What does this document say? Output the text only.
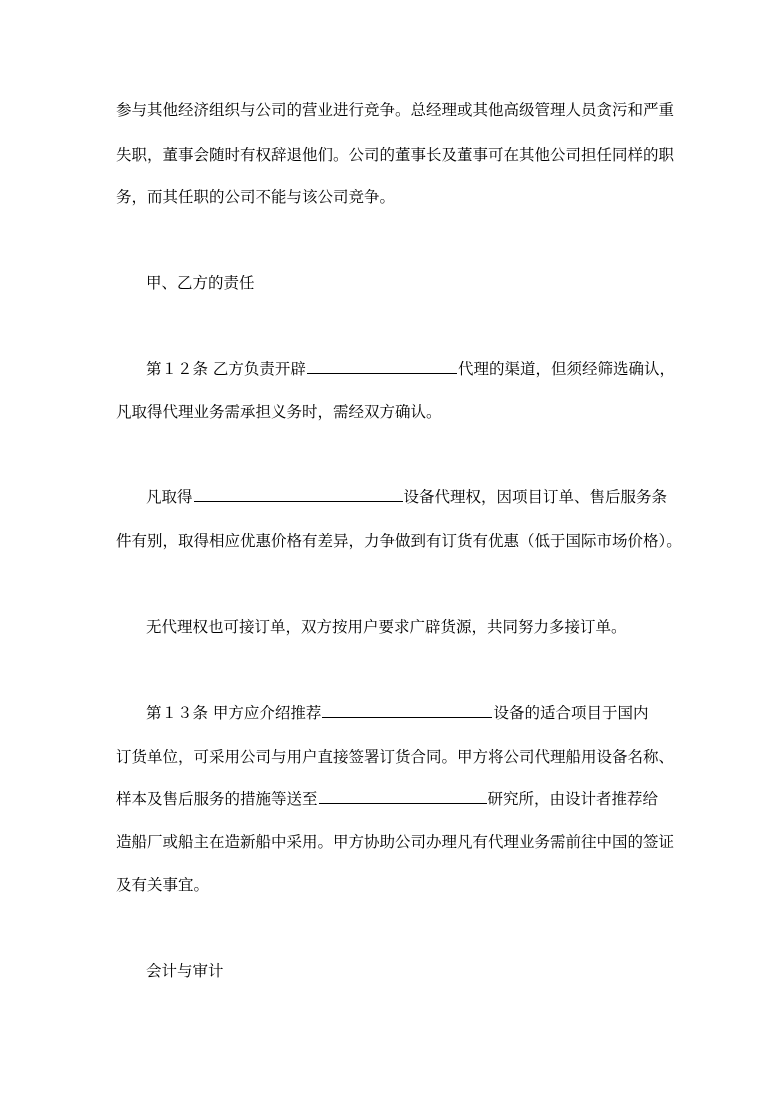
参与其他经济组织与公司的营业进行竞争。总经理或其他高级管理人员贪污和严重
失职，董事会随时有权辞退他们。公司的董事长及董事可在其他公司担任同样的职
务，而其任职的公司不能与该公司竞争。
甲、乙方的责任
第１２条 乙方负责开辟	代理的渠道，但须经筛选确认，
凡取得代理业务需承担义务时，需经双方确认。
凡取得	设备代理权，因项目订单、售后服务条
件有别，取得相应优惠价格有差异，力争做到有订货有优惠（低于国际市场价格）。
无代理权也可接订单，双方按用户要求广辟货源，共同努力多接订单。
第１３条 甲方应介绍推荐	设备的适合项目于国内
订货单位，可采用公司与用户直接签署订货合同。甲方将公司代理船用设备名称、
样本及售后服务的措施等送至	研究所，由设计者推荐给
造船厂或船主在造新船中采用。甲方协助公司办理凡有代理业务需前往中国的签证
及有关事宜。
会计与审计
